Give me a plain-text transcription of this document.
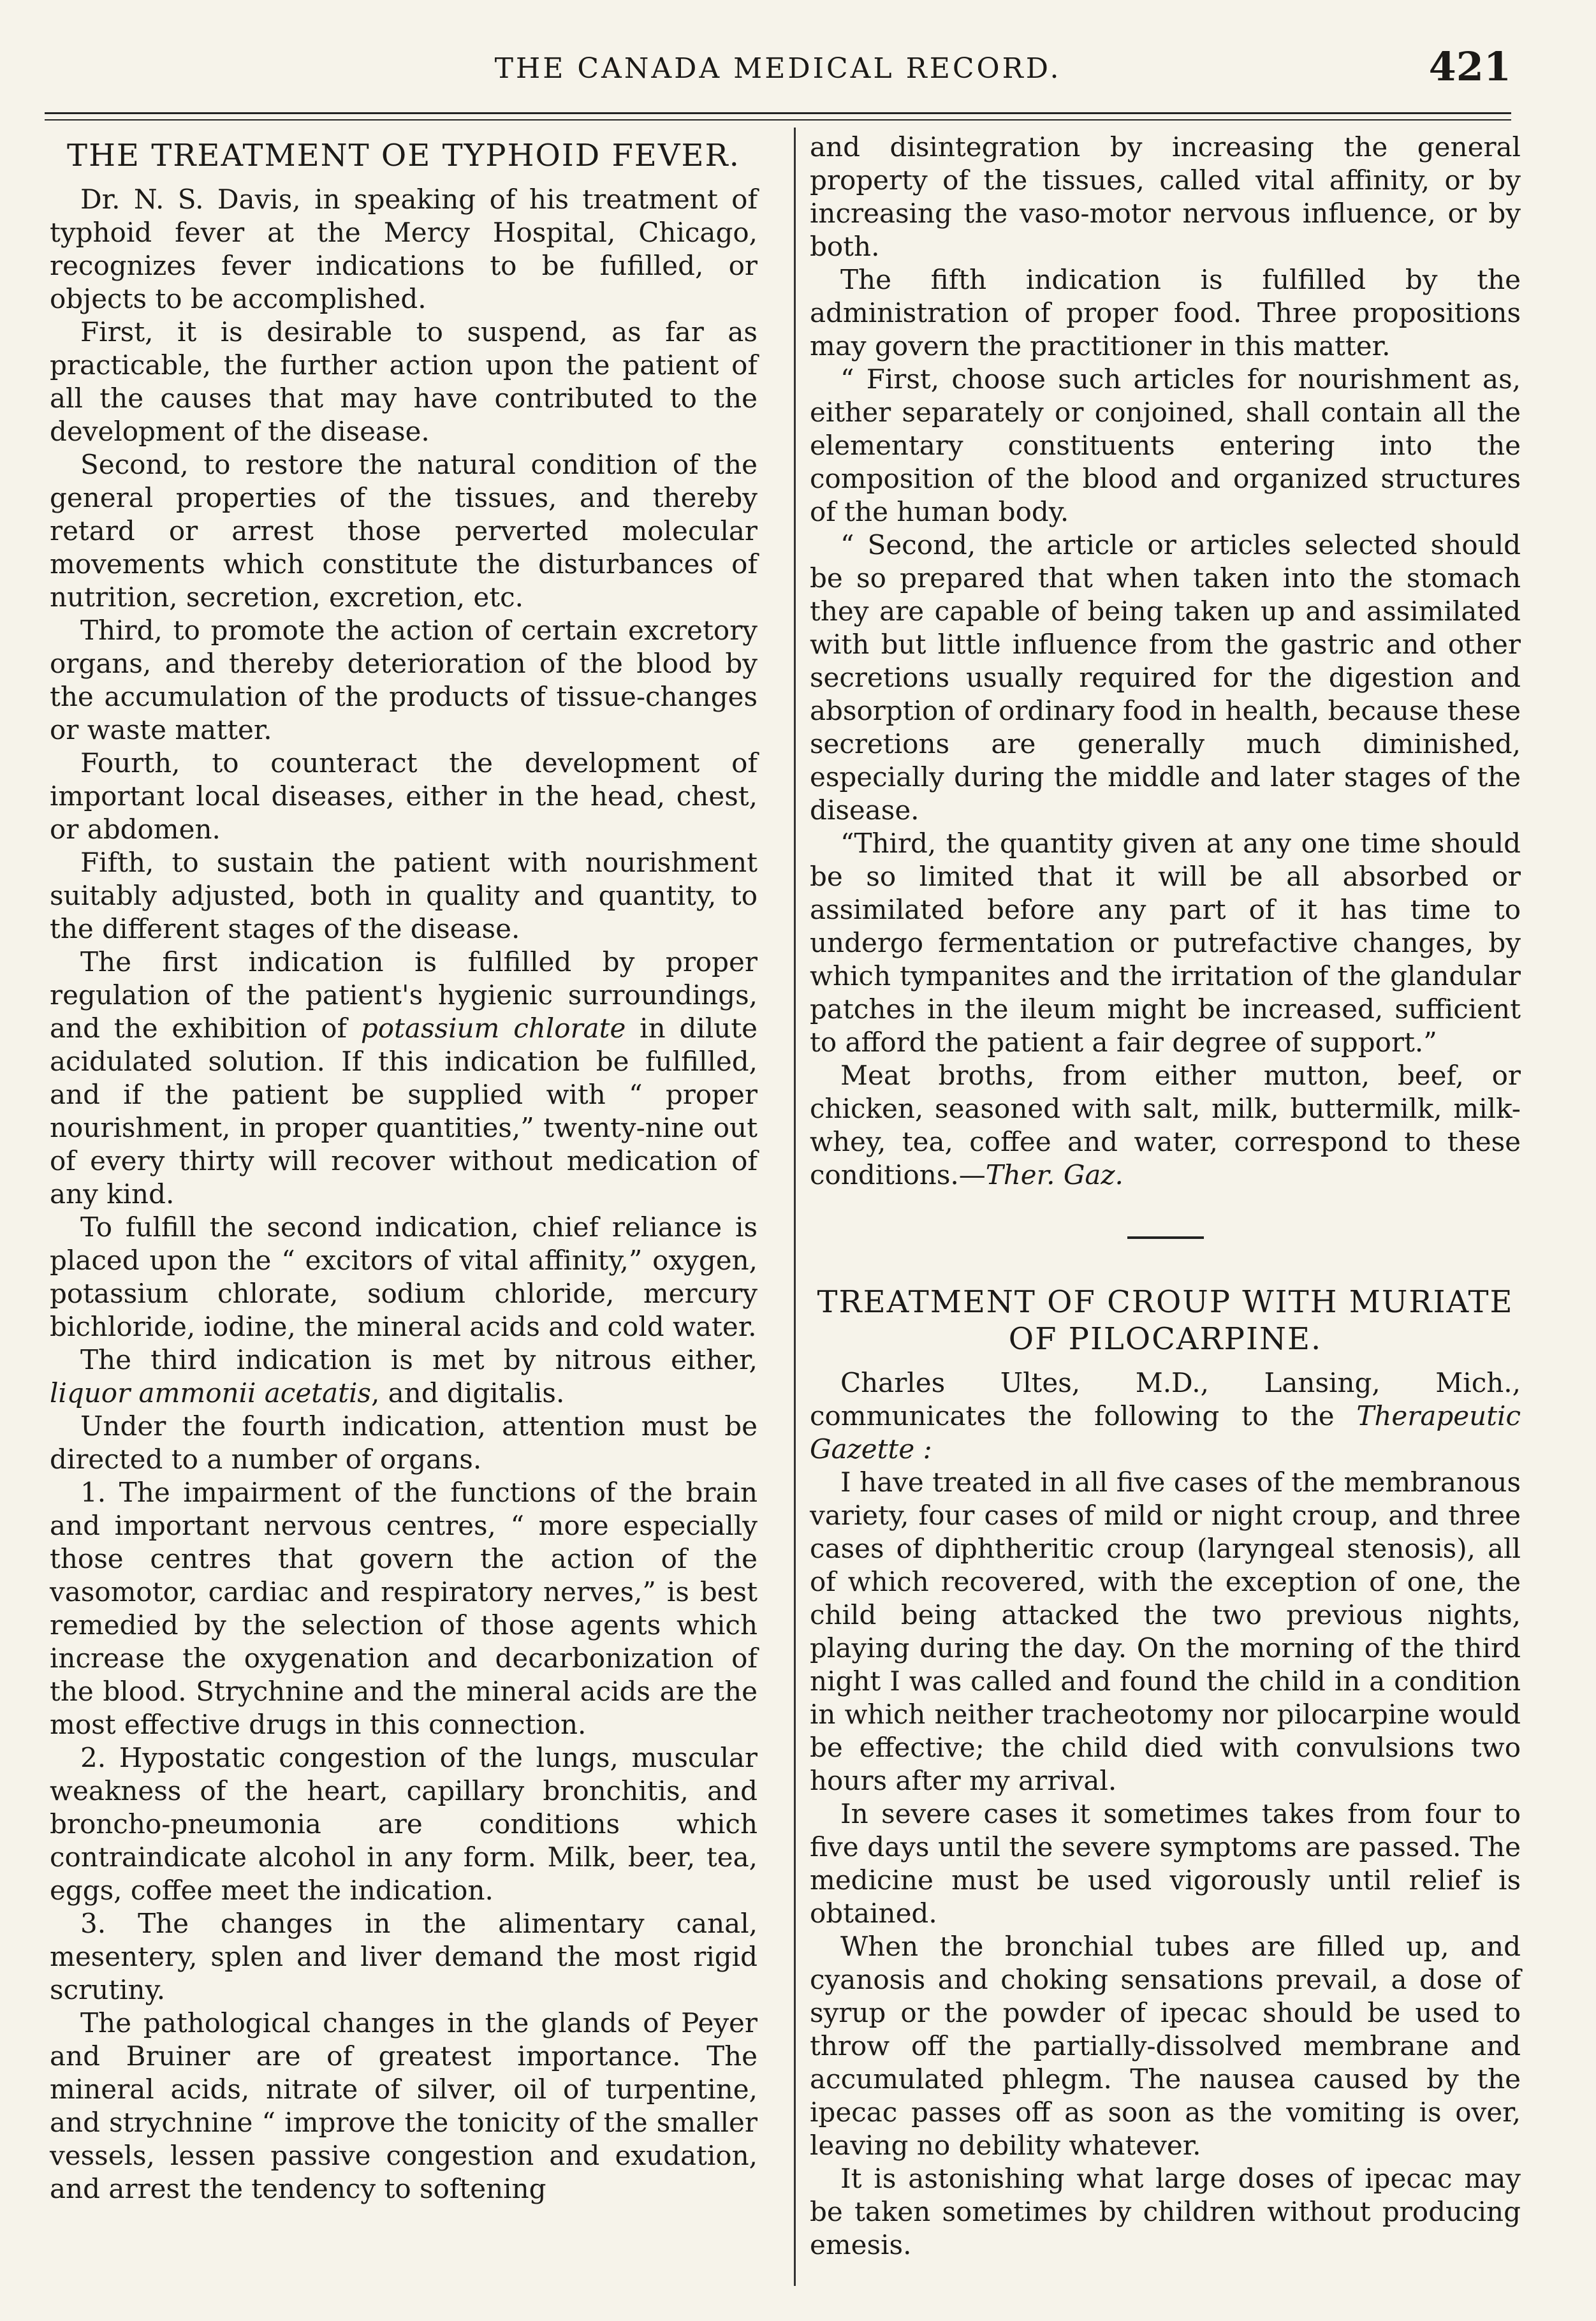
THE CANADA MEDICAL RECORD.	421
THE TREATMENT OE TYPHOID FEVER.

Dr. N. S. Davis, in speaking of his treatment of typhoid fever at the Mercy Hospital, Chicago, recognizes fever indications to be fufilled, or objects to be accomplished.

First, it is desirable to suspend, as far as practicable, the further action upon the patient of all the causes that may have contributed to the development of the disease.

Second, to restore the natural condition of the general properties of the tissues, and thereby retard or arrest those perverted molecular movements which constitute the disturbances of nutrition, secretion, excretion, etc.

Third, to promote the action of certain excretory organs, and thereby deterioration of the blood by the accumulation of the products of tissue-changes or waste matter.

Fourth, to counteract the development of important local diseases, either in the head, chest, or abdomen.

Fifth, to sustain the patient with nourishment suitably adjusted, both in quality and quantity, to the different stages of the disease.

The first indication is fulfilled by proper regulation of the patient's hygienic surroundings, and the exhibition of potassium chlorate in dilute acidulated solution. If this indication be fulfilled, and if the patient be supplied with “ proper nourishment, in proper quantities,” twenty-nine out of every thirty will recover without medication of any kind.

To fulfill the second indication, chief reliance is placed upon the “ excitors of vital affinity,” oxygen, potassium chlorate, sodium chloride, mercury bichloride, iodine, the mineral acids and cold water.

The third indication is met by nitrous either, liquor ammonii acetatis, and digitalis.

Under the fourth indication, attention must be directed to a number of organs.

1. The impairment of the functions of the brain and important nervous centres, “ more especially those centres that govern the action of the vasomotor, cardiac and respiratory nerves,” is best remedied by the selection of those agents which increase the oxygenation and decarbonization of the blood. Strychnine and the mineral acids are the most effective drugs in this connection.

2. Hypostatic congestion of the lungs, muscular weakness of the heart, capillary bronchitis, and broncho-pneumonia are conditions which contraindicate alcohol in any form. Milk, beer, tea, eggs, coffee meet the indication.

3. The changes in the alimentary canal, mesentery, splen and liver demand the most rigid scrutiny.

The pathological changes in the glands of Peyer and Bruiner are of greatest importance. The mineral acids, nitrate of silver, oil of turpentine, and strychnine “ improve the tonicity of the smaller vessels, lessen passive congestion and exudation, and arrest the tendency to softening

and disintegration by increasing the general property of the tissues, called vital affinity, or by increasing the vaso-motor nervous influence, or by both.

The fifth indication is fulfilled by the administration of proper food. Three propositions may govern the practitioner in this matter.

“ First, choose such articles for nourishment as, either separately or conjoined, shall contain all the elementary constituents entering into the composition of the blood and organized structures of the human body.

“ Second, the article or articles selected should be so prepared that when taken into the stomach they are capable of being taken up and assimilated with but little influence from the gastric and other secretions usually required for the digestion and absorption of ordinary food in health, because these secretions are generally much diminished, especially during the middle and later stages of the disease.

“Third, the quantity given at any one time should be so limited that it will be all absorbed or assimilated before any part of it has time to undergo fermentation or putrefactive changes, by which tympanites and the irritation of the glandular patches in the ileum might be increased, sufficient to afford the patient a fair degree of support.”

Meat broths, from either mutton, beef, or chicken, seasoned with salt, milk, buttermilk, milk-whey, tea, coffee and water, correspond to these conditions.—Ther. Gaz.

TREATMENT OF CROUP WITH MURIATE OF PILOCARPINE.

Charles Ultes, M.D., Lansing, Mich., communicates the following to the Therapeutic Gazette :

I have treated in all five cases of the membranous variety, four cases of mild or night croup, and three cases of diphtheritic croup (laryngeal stenosis), all of which recovered, with the exception of one, the child being attacked the two previous nights, playing during the day. On the morning of the third night I was called and found the child in a condition in which neither tracheotomy nor pilocarpine would be effective; the child died with convulsions two hours after my arrival.

In severe cases it sometimes takes from four to five days until the severe symptoms are passed. The medicine must be used vigorously until relief is obtained.

When the bronchial tubes are filled up, and cyanosis and choking sensations prevail, a dose of syrup or the powder of ipecac should be used to throw off the partially-dissolved membrane and accumulated phlegm. The nausea caused by the ipecac passes off as soon as the vomiting is over, leaving no debility whatever.

It is astonishing what large doses of ipecac may be taken sometimes by children without producing emesis.
